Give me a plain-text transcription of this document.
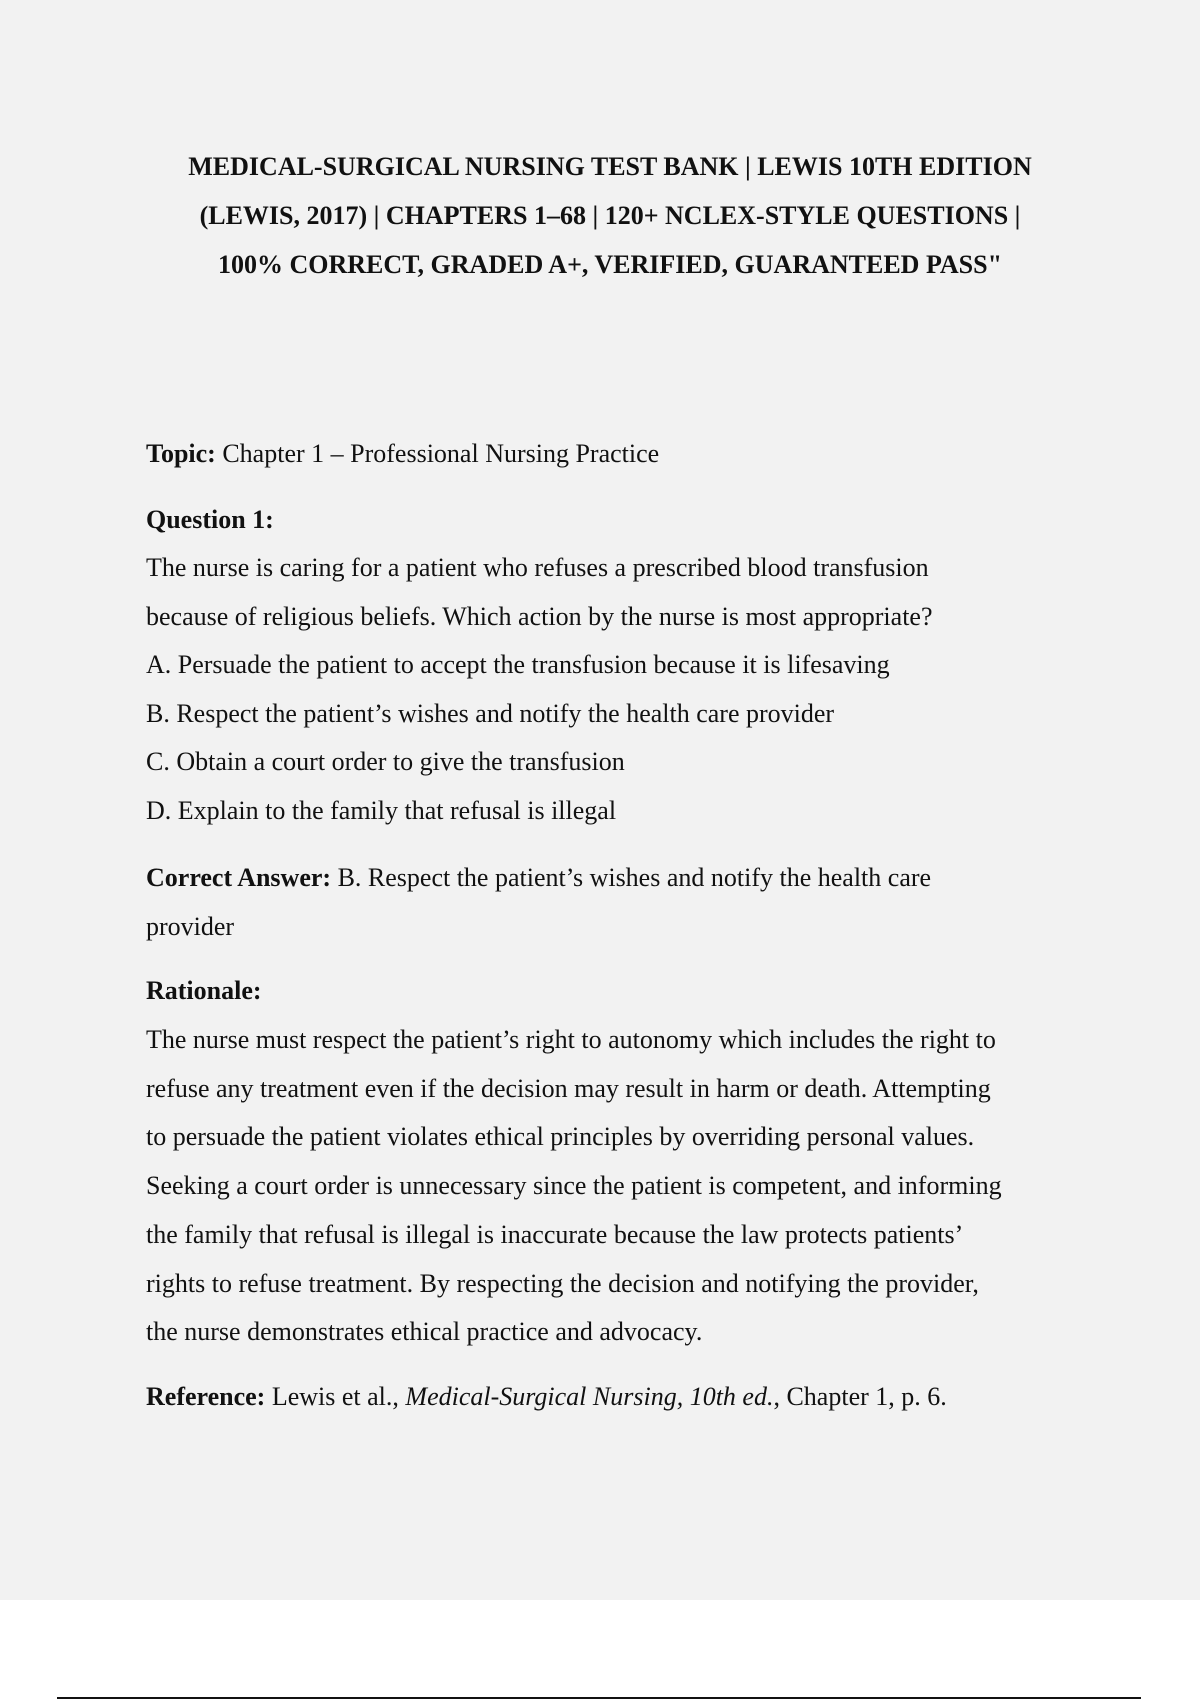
MEDICAL-SURGICAL NURSING TEST BANK | LEWIS 10TH EDITION
(LEWIS, 2017) | CHAPTERS 1–68 | 120+ NCLEX-STYLE QUESTIONS |
100% CORRECT, GRADED A+, VERIFIED, GUARANTEED PASS"
Topic: Chapter 1 – Professional Nursing Practice
Question 1:
The nurse is caring for a patient who refuses a prescribed blood transfusion
because of religious beliefs. Which action by the nurse is most appropriate?
A. Persuade the patient to accept the transfusion because it is lifesaving
B. Respect the patient’s wishes and notify the health care provider
C. Obtain a court order to give the transfusion
D. Explain to the family that refusal is illegal
Correct Answer: B. Respect the patient’s wishes and notify the health care
provider
Rationale:
The nurse must respect the patient’s right to autonomy which includes the right to
refuse any treatment even if the decision may result in harm or death. Attempting
to persuade the patient violates ethical principles by overriding personal values.
Seeking a court order is unnecessary since the patient is competent, and informing
the family that refusal is illegal is inaccurate because the law protects patients’
rights to refuse treatment. By respecting the decision and notifying the provider,
the nurse demonstrates ethical practice and advocacy.
Reference: Lewis et al., Medical-Surgical Nursing, 10th ed., Chapter 1, p. 6.
